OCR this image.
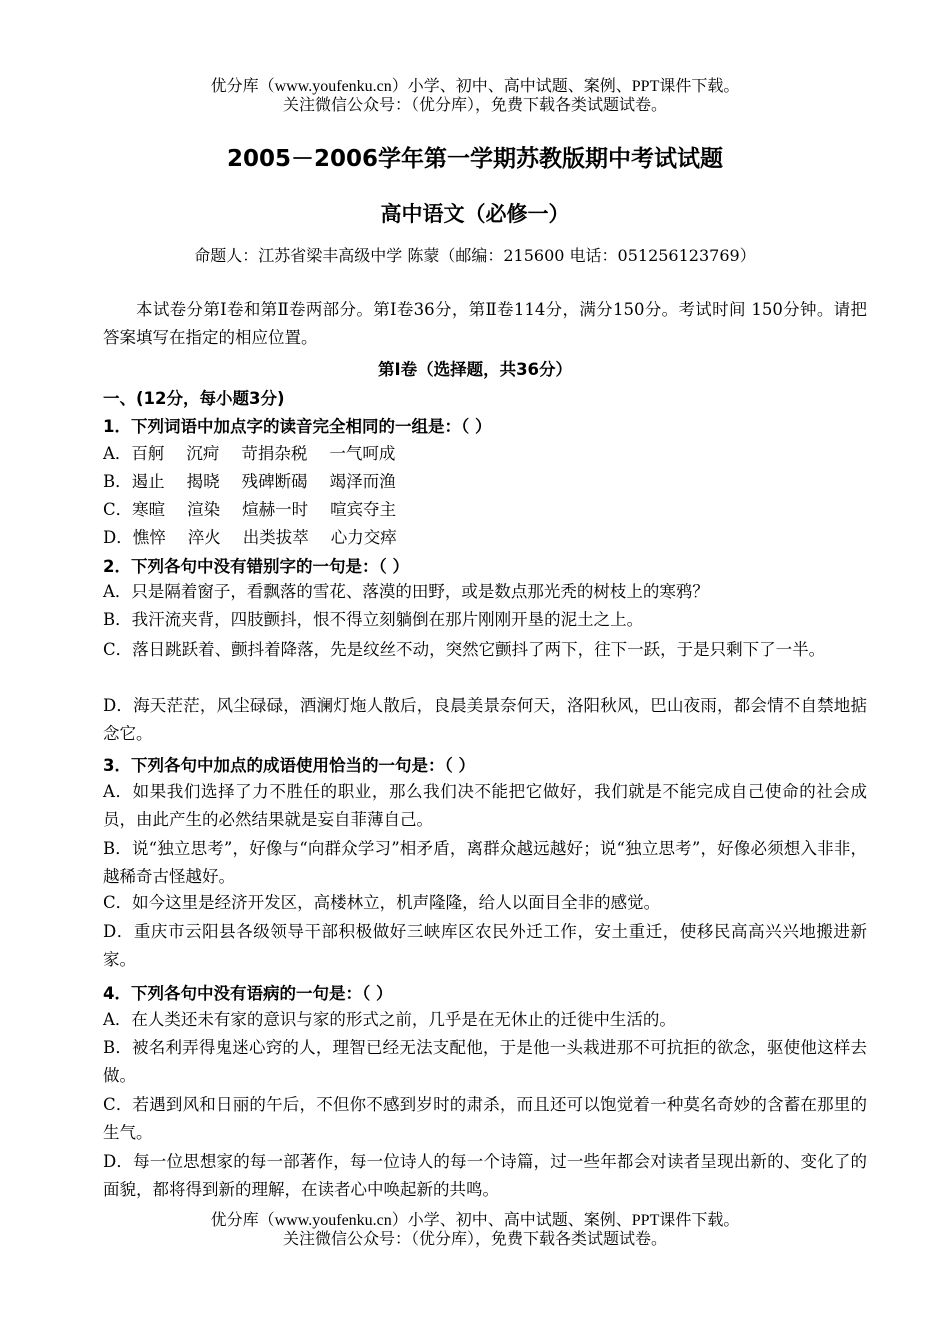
优分库（www.youfenku.cn）小学、初中、高中试题、案例、PPT课件下载。
关注微信公众号：（优分库），免费下载各类试题试卷。
2005－2006学年第一学期苏教版期中考试试题
高中语文（必修一）
命题人：江苏省梁丰高级中学 陈蒙（邮编：215600 电话：051256123769）
本试卷分第Ⅰ卷和第Ⅱ卷两部分。第Ⅰ卷36分，第Ⅱ卷114分，满分150分。考试时间 150分钟。请把答案填写在指定的相应位置。
第Ⅰ卷（选择题，共36分）
一、(12分，每小题3分)
1．下列词语中加点字的读音完全相同的一组是：（ ）
A．百舸 沉疴 苛捐杂税 一气呵成
B．遏止 揭晓 残碑断碣 竭泽而渔
C．寒暄 渲染 煊赫一时 喧宾夺主
D．憔悴 淬火 出类拔萃 心力交瘁
2．下列各句中没有错别字的一句是：（ ）
A．只是隔着窗子，看飘落的雪花、落漠的田野，或是数点那光秃的树枝上的寒鸦？
B．我汗流夹背，四肢颤抖，恨不得立刻躺倒在那片刚刚开垦的泥土之上。
C．落日跳跃着、颤抖着降落，先是纹丝不动，突然它颤抖了两下，往下一跃，于是只剩下了一半。
D．海天茫茫，风尘碌碌，酒澜灯炧人散后，良晨美景奈何天，洛阳秋风，巴山夜雨，都会情不自禁地掂念它。
3．下列各句中加点的成语使用恰当的一句是：（ ）
A．如果我们选择了力不胜任的职业，那么我们决不能把它做好，我们就是不能完成自己使命的社会成员，由此产生的必然结果就是妄自菲薄自己。
B．说“独立思考”，好像与“向群众学习”相矛盾，离群众越远越好；说“独立思考”，好像必须想入非非，越稀奇古怪越好。
C．如今这里是经济开发区，高楼林立，机声隆隆，给人以面目全非的感觉。
D．重庆市云阳县各级领导干部积极做好三峡库区农民外迁工作，安土重迁，使移民高高兴兴地搬进新家。
4．下列各句中没有语病的一句是：（ ）
A．在人类还未有家的意识与家的形式之前，几乎是在无休止的迁徙中生活的。
B．被名利弄得鬼迷心窍的人，理智已经无法支配他，于是他一头栽进那不可抗拒的欲念，驱使他这样去做。
C．若遇到风和日丽的午后，不但你不感到岁时的肃杀，而且还可以饱觉着一种莫名奇妙的含蓄在那里的生气。
D．每一位思想家的每一部著作，每一位诗人的每一个诗篇，过一些年都会对读者呈现出新的、变化了的面貌，都将得到新的理解，在读者心中唤起新的共鸣。
优分库（www.youfenku.cn）小学、初中、高中试题、案例、PPT课件下载。
关注微信公众号：（优分库），免费下载各类试题试卷。
